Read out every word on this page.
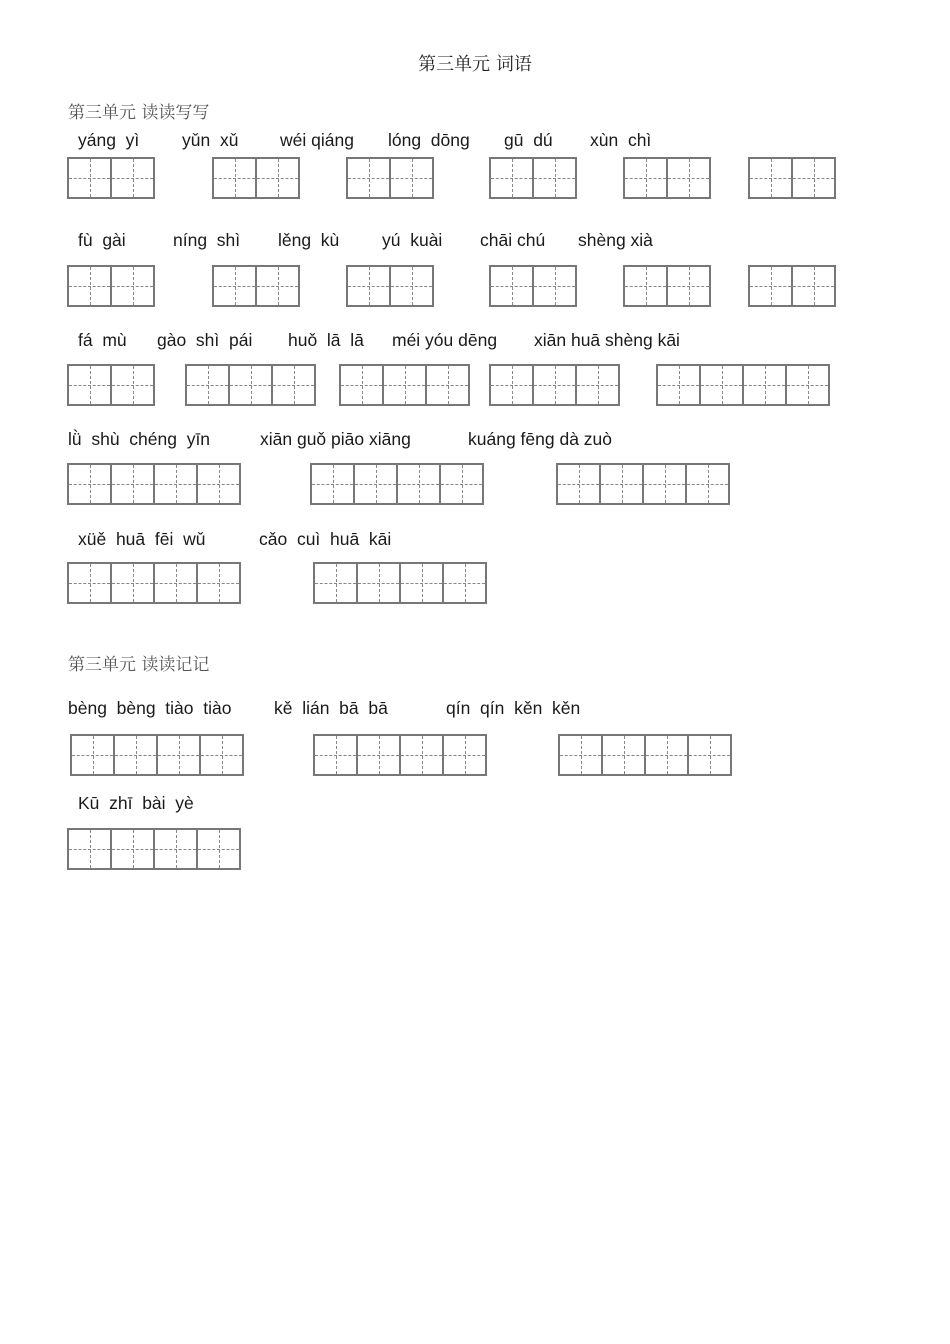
第三单元 词语
第三单元 读读写写
yáng  yì yǔn  xǔ wéi qiáng lóng  dōng gū  dú xùn  chì
fù  gài	níng  shì lěng  kù yú  kuài chāi chú shèng xià
fá  mù gào  shì  pái huǒ  lā  lā méi yóu dēng xiān huā shèng kāi
lǜ  shù  chéng  yīn	xiān guǒ piāo xiāng	kuáng fēng dà zuò
xüě  huā  fēi  wǔ	cǎo  cuì  huā  kāi
第三单元 读读记记
bèng  bèng  tiào  tiào kě  lián  bā  bā	qín  qín  kěn  kěn
Kū  zhī  bài  yè
